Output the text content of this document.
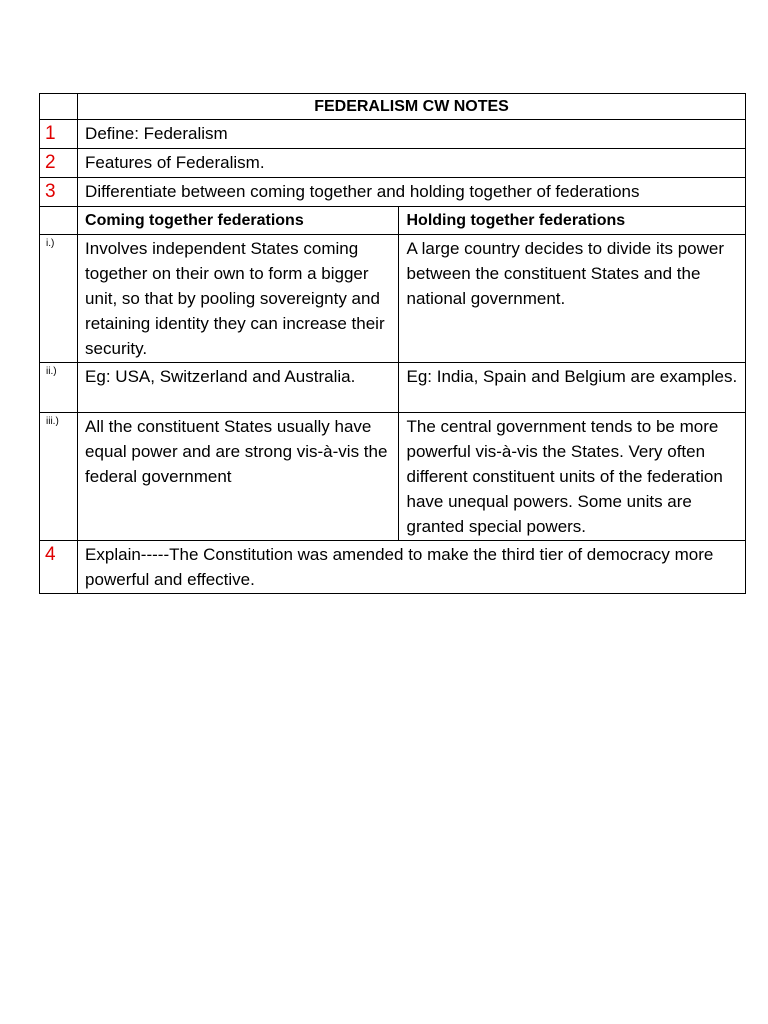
	FEDERALISM CW NOTES	
1	Define: Federalism	
2	Features of Federalism.	
3	Differentiate between coming together and holding together of federations	
	Coming together federations	Holding together federations
i.)	Involves independent States coming together on their own to form a bigger unit, so that by pooling sovereignty and retaining identity they can increase their security.	A large country decides to divide its power between the constituent States and the national government.
ii.)	Eg: USA, Switzerland and Australia.	Eg: India, Spain and Belgium are examples.
iii.)	All the constituent States usually have equal power and are strong vis-à-vis the federal government	The central government tends to be more powerful vis-à-vis the States. Very often different constituent units of the federation have unequal powers. Some units are granted special powers.
4	Explain-----The Constitution was amended to make the third tier of democracy more powerful and effective.	
